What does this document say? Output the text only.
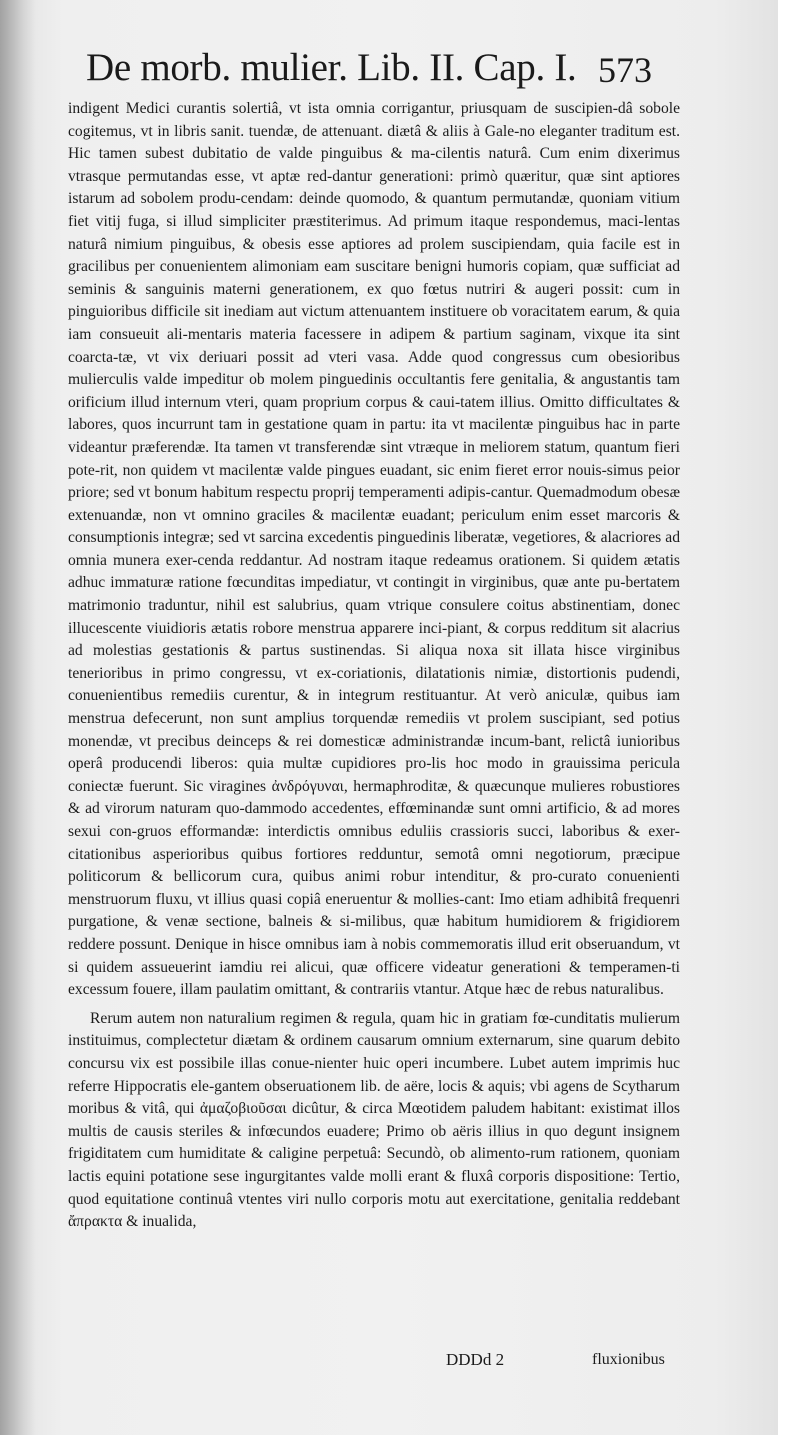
De morb. mulier. Lib. II. Cap. I. 573

indigent Medici curantis solertiâ, vt ista omnia corrigantur, priusquam de suscipien-dâ sobole cogitemus, vt in libris sanit. tuendæ, de attenuant. diætâ & aliis à Gale-no eleganter traditum est. Hic tamen subest dubitatio de valde pinguibus & ma-cilentis naturâ. Cum enim dixerimus vtrasque permutandas esse, vt aptæ red-dantur generationi: primò quæritur, quæ sint aptiores istarum ad sobolem produ-cendam: deinde quomodo, & quantum permutandæ, quoniam vitium fiet vitij fuga, si illud simpliciter præstiterimus. Ad primum itaque respondemus, maci-lentas naturâ nimium pinguibus, & obesis esse aptiores ad prolem suscipiendam, quia facile est in gracilibus per conuenientem alimoniam eam suscitare benigni humoris copiam, quæ sufficiat ad seminis & sanguinis materni generationem, ex quo fœtus nutriri & augeri possit: cum in pinguioribus difficile sit inediam aut victum attenuantem instituere ob voracitatem earum, & quia iam consueuit ali-mentaris materia facessere in adipem & partium saginam, vixque ita sint coarcta-tæ, vt vix deriuari possit ad vteri vasa. Adde quod congressus cum obesioribus mulierculis valde impeditur ob molem pinguedinis occultantis fere genitalia, & angustantis tam orificium illud internum vteri, quam proprium corpus & caui-tatem illius. Omitto difficultates & labores, quos incurrunt tam in gestatione quam in partu: ita vt macilentæ pinguibus hac in parte videantur præferendæ. Ita tamen vt transferendæ sint vtræque in meliorem statum, quantum fieri pote-rit, non quidem vt macilentæ valde pingues euadant, sic enim fieret error nouis-simus peior priore; sed vt bonum habitum respectu proprij temperamenti adipis-cantur. Quemadmodum obesæ extenuandæ, non vt omnino graciles & macilentæ euadant; periculum enim esset marcoris & consumptionis integræ; sed vt sarcina excedentis pinguedinis liberatæ, vegetiores, & alacriores ad omnia munera exer-cenda reddantur. Ad nostram itaque redeamus orationem. Si quidem ætatis adhuc immaturæ ratione fœcunditas impediatur, vt contingit in virginibus, quæ ante pu-bertatem matrimonio traduntur, nihil est salubrius, quam vtrique consulere coitus abstinentiam, donec illucescente viuidioris ætatis robore menstrua apparere inci-piant, & corpus redditum sit alacrius ad molestias gestationis & partus sustinendas. Si aliqua noxa sit illata hisce virginibus tenerioribus in primo congressu, vt ex-coriationis, dilatationis nimiæ, distortionis pudendi, conuenientibus remediis curentur, & in integrum restituantur. At verò aniculæ, quibus iam menstrua defecerunt, non sunt amplius torquendæ remediis vt prolem suscipiant, sed potius monendæ, vt precibus deinceps & rei domesticæ administrandæ incum-bant, relictâ iunioribus operâ producendi liberos: quia multæ cupidiores pro-lis hoc modo in grauissima pericula coniectæ fuerunt. Sic viragines ἀνδρόγυναι, hermaphroditæ, & quæcunque mulieres robustiores & ad virorum naturam quo-dammodo accedentes, effœminandæ sunt omni artificio, & ad mores sexui con-gruos efformandæ: interdictis omnibus eduliis crassioris succi, laboribus & exer-citationibus asperioribus quibus fortiores redduntur, semotâ omni negotiorum, præcipue politicorum & bellicorum cura, quibus animi robur intenditur, & pro-curato conuenienti menstruorum fluxu, vt illius quasi copiâ eneruentur & mollies-cant: Imo etiam adhibitâ frequenri purgatione, & venæ sectione, balneis & si-milibus, quæ habitum humidiorem & frigidiorem reddere possunt. Denique in hisce omnibus iam à nobis commemoratis illud erit obseruandum, vt si quidem assueuerint iamdiu rei alicui, quæ officere videatur generationi & temperamen-ti excessum fouere, illam paulatim omittant, & contrariis vtantur. Atque hæc de rebus naturalibus.

Rerum autem non naturalium regimen & regula, quam hic in gratiam fœ-cunditatis mulierum instituimus, complectetur diætam & ordinem causarum omnium externarum, sine quarum debito concursu vix est possibile illas conue-nienter huic operi incumbere. Lubet autem imprimis huc referre Hippocratis ele-gantem obseruationem lib. de aëre, locis & aquis; vbi agens de Scytharum moribus & vitâ, qui ἀμαζοβιοῦσαι dicûtur, & circa Mœotidem paludem habitant: existimat illos multis de causis steriles & infœcundos euadere; Primo ob aëris illius in quo degunt insignem frigiditatem cum humiditate & caligine perpetuâ: Secundò, ob alimento-rum rationem, quoniam lactis equini potatione sese ingurgitantes valde molli erant & fluxâ corporis dispositione: Tertio, quod equitatione continuâ vtentes viri nullo corporis motu aut exercitatione, genitalia reddebant ἄπρακτα & inualida,

DDDd 2	fluxionibus
